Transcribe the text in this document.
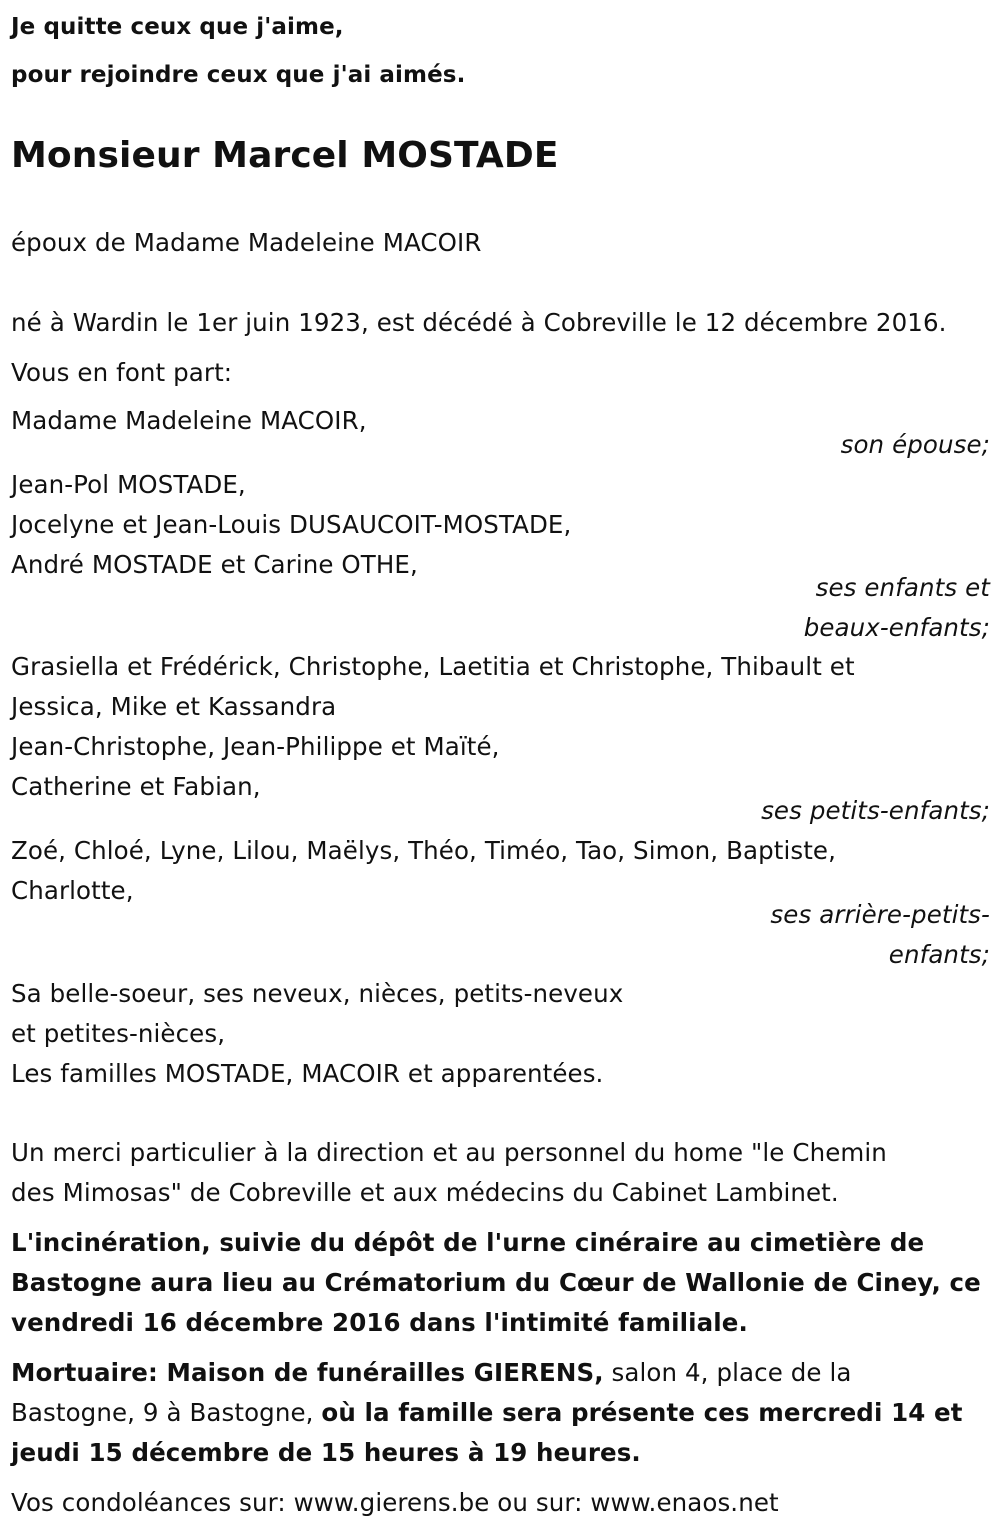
Je quitte ceux que j'aime,

pour rejoindre ceux que j'ai aimés.

Monsieur Marcel MOSTADE

époux de Madame Madeleine MACOIR

né à Wardin le 1er juin 1923, est décédé à Cobreville le 12 décembre 2016.

Vous en font part:

Madame Madeleine MACOIR,

son épouse;

Jean-Pol MOSTADE,

Jocelyne et Jean-Louis DUSAUCOIT-MOSTADE,

André MOSTADE et Carine OTHE,

ses enfants et

beaux-enfants;

Grasiella et Frédérick, Christophe, Laetitia et Christophe, Thibault et

Jessica, Mike et Kassandra

Jean-Christophe, Jean-Philippe et Maïté,

Catherine et Fabian,

ses petits-enfants;

Zoé, Chloé, Lyne, Lilou, Maëlys, Théo, Timéo, Tao, Simon, Baptiste,

Charlotte,

ses arrière-petits-

enfants;

Sa belle-soeur, ses neveux, nièces, petits-neveux

et petites-nièces,

Les familles MOSTADE, MACOIR et apparentées.

Un merci particulier à la direction et au personnel du home "le Chemin

des Mimosas" de Cobreville et aux médecins du Cabinet Lambinet.

L'incinération, suivie du dépôt de l'urne cinéraire au cimetière de

Bastogne aura lieu au Crématorium du Cœur de Wallonie de Ciney, ce

vendredi 16 décembre 2016 dans l'intimité familiale.

Mortuaire: Maison de funérailles GIERENS, salon 4, place de la

Bastogne, 9 à Bastogne, où la famille sera présente ces mercredi 14 et

jeudi 15 décembre de 15 heures à 19 heures.

Vos condoléances sur: www.gierens.be ou sur: www.enaos.net
